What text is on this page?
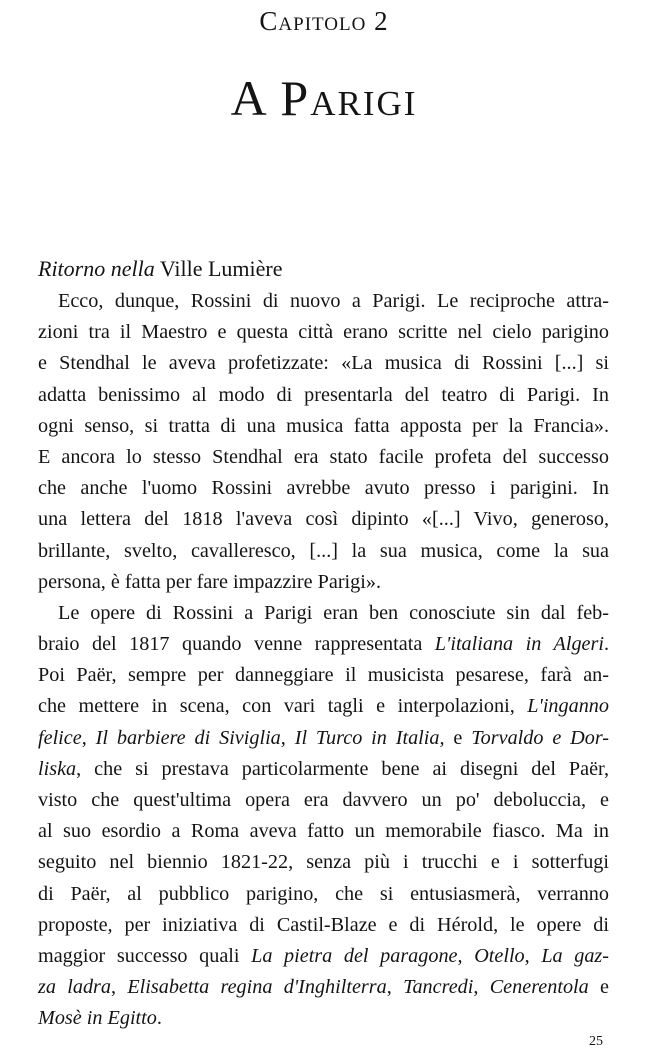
Capitolo 2
A Parigi
Ritorno nella Ville Lumière
Ecco, dunque, Rossini di nuovo a Parigi. Le reciproche attra-
zioni tra il Maestro e questa città erano scritte nel cielo parigino
e Stendhal le aveva profetizzate: «La musica di Rossini [...] si
adatta benissimo al modo di presentarla del teatro di Parigi. In
ogni senso, si tratta di una musica fatta apposta per la Francia».
E ancora lo stesso Stendhal era stato facile profeta del successo
che anche l'uomo Rossini avrebbe avuto presso i parigini. In
una lettera del 1818 l'aveva così dipinto «[...] Vivo, generoso,
brillante, svelto, cavalleresco, [...] la sua musica, come la sua
persona, è fatta per fare impazzire Parigi».
Le opere di Rossini a Parigi eran ben conosciute sin dal feb-
braio del 1817 quando venne rappresentata L'italiana in Algeri.
Poi Paër, sempre per danneggiare il musicista pesarese, farà an-
che mettere in scena, con vari tagli e interpolazioni, L'inganno
felice, Il barbiere di Siviglia, Il Turco in Italia, e Torvaldo e Dor-
liska, che si prestava particolarmente bene ai disegni del Paër,
visto che quest'ultima opera era davvero un po' deboluccia, e
al suo esordio a Roma aveva fatto un memorabile fiasco. Ma in
seguito nel biennio 1821-22, senza più i trucchi e i sotterfugi
di Paër, al pubblico parigino, che si entusiasmerà, verranno
proposte, per iniziativa di Castil-Blaze e di Hérold, le opere di
maggior successo quali La pietra del paragone, Otello, La gaz-
za ladra, Elisabetta regina d'Inghilterra, Tancredi, Cenerentola e
Mosè in Egitto.
25
